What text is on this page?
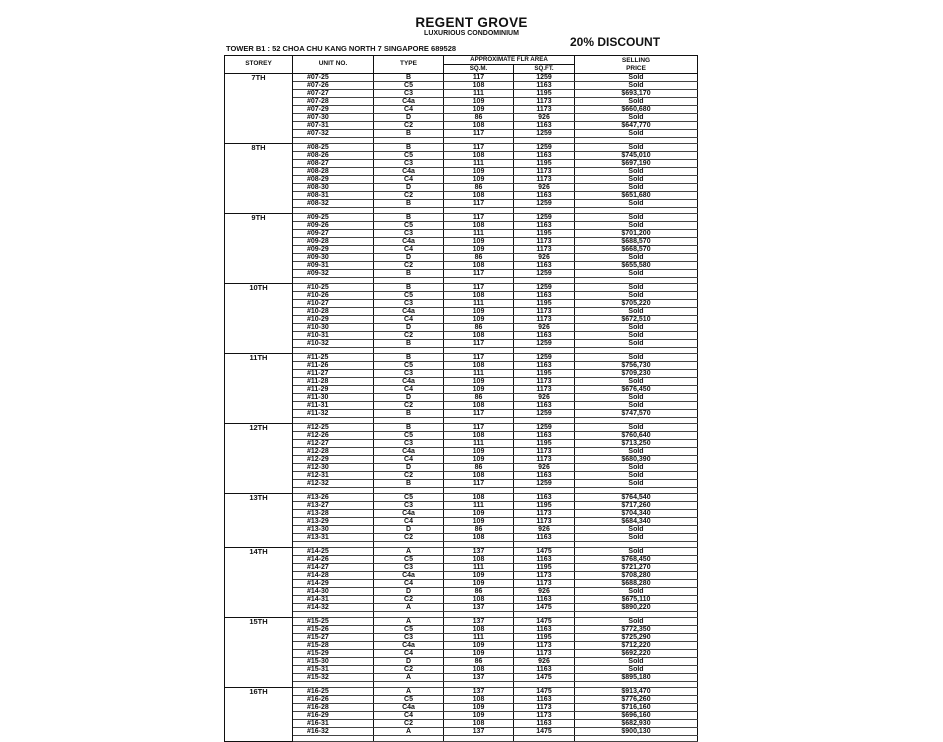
REGENT GROVE
LUXURIOUS CONDOMINIUM
20% DISCOUNT
TOWER B1 : 52 CHOA CHU KANG NORTH 7 SINGAPORE 689528
STOREY	UNIT NO.	TYPE	APPROXIMATE FLR AREA		SELLING PRICE
			SQ.M.	SQ.FT.	
7TH	#07-25	B	117	1259	Sold
	#07-26	C5	108	1163	Sold
	#07-27	C3	111	1195	$693,170
	#07-28	C4a	109	1173	Sold
	#07-29	C4	109	1173	$660,680
	#07-30	D	86	926	Sold
	#07-31	C2	108	1163	$647,770
	#07-32	B	117	1259	Sold

8TH	#08-25	B	117	1259	Sold
	#08-26	C5	108	1163	$745,010
	#08-27	C3	111	1195	$697,190
	#08-28	C4a	109	1173	Sold
	#08-29	C4	109	1173	Sold
	#08-30	D	86	926	Sold
	#08-31	C2	108	1163	$651,680
	#08-32	B	117	1259	Sold

9TH	#09-25	B	117	1259	Sold
	#09-26	C5	108	1163	Sold
	#09-27	C3	111	1195	$701,200
	#09-28	C4a	109	1173	$688,570
	#09-29	C4	109	1173	$668,570
	#09-30	D	86	926	Sold
	#09-31	C2	108	1163	$655,580
	#09-32	B	117	1259	Sold

10TH	#10-25	B	117	1259	Sold
	#10-26	C5	108	1163	Sold
	#10-27	C3	111	1195	$705,220
	#10-28	C4a	109	1173	Sold
	#10-29	C4	109	1173	$672,510
	#10-30	D	86	926	Sold
	#10-31	C2	108	1163	Sold
	#10-32	B	117	1259	Sold

11TH	#11-25	B	117	1259	Sold
	#11-26	C5	108	1163	$756,730
	#11-27	C3	111	1195	$709,230
	#11-28	C4a	109	1173	Sold
	#11-29	C4	109	1173	$676,450
	#11-30	D	86	926	Sold
	#11-31	C2	108	1163	Sold
	#11-32	B	117	1259	$747,570

12TH	#12-25	B	117	1259	Sold
	#12-26	C5	108	1163	$760,640
	#12-27	C3	111	1195	$713,250
	#12-28	C4a	109	1173	Sold
	#12-29	C4	109	1173	$680,390
	#12-30	D	86	926	Sold
	#12-31	C2	108	1163	Sold
	#12-32	B	117	1259	Sold

13TH	#13-26	C5	108	1163	$764,540
	#13-27	C3	111	1195	$717,260
	#13-28	C4a	109	1173	$704,340
	#13-29	C4	109	1173	$684,340
	#13-30	D	86	926	Sold
	#13-31	C2	108	1163	Sold

14TH	#14-25	A	137	1475	Sold
	#14-26	C5	108	1163	$768,450
	#14-27	C3	111	1195	$721,270
	#14-28	C4a	109	1173	$708,280
	#14-29	C4	109	1173	$688,280
	#14-30	D	86	926	Sold
	#14-31	C2	108	1163	$675,110
	#14-32	A	137	1475	$890,220

15TH	#15-25	A	137	1475	Sold
	#15-26	C5	108	1163	$772,350
	#15-27	C3	111	1195	$725,290
	#15-28	C4a	109	1173	$712,220
	#15-29	C4	109	1173	$692,220
	#15-30	D	86	926	Sold
	#15-31	C2	108	1163	Sold
	#15-32	A	137	1475	$895,180

16TH	#16-25	A	137	1475	$913,470
	#16-26	C5	108	1163	$776,260
	#16-28	C4a	109	1173	$716,160
	#16-29	C4	109	1173	$696,160
	#16-31	C2	108	1163	$682,930
	#16-32	A	137	1475	$900,130
